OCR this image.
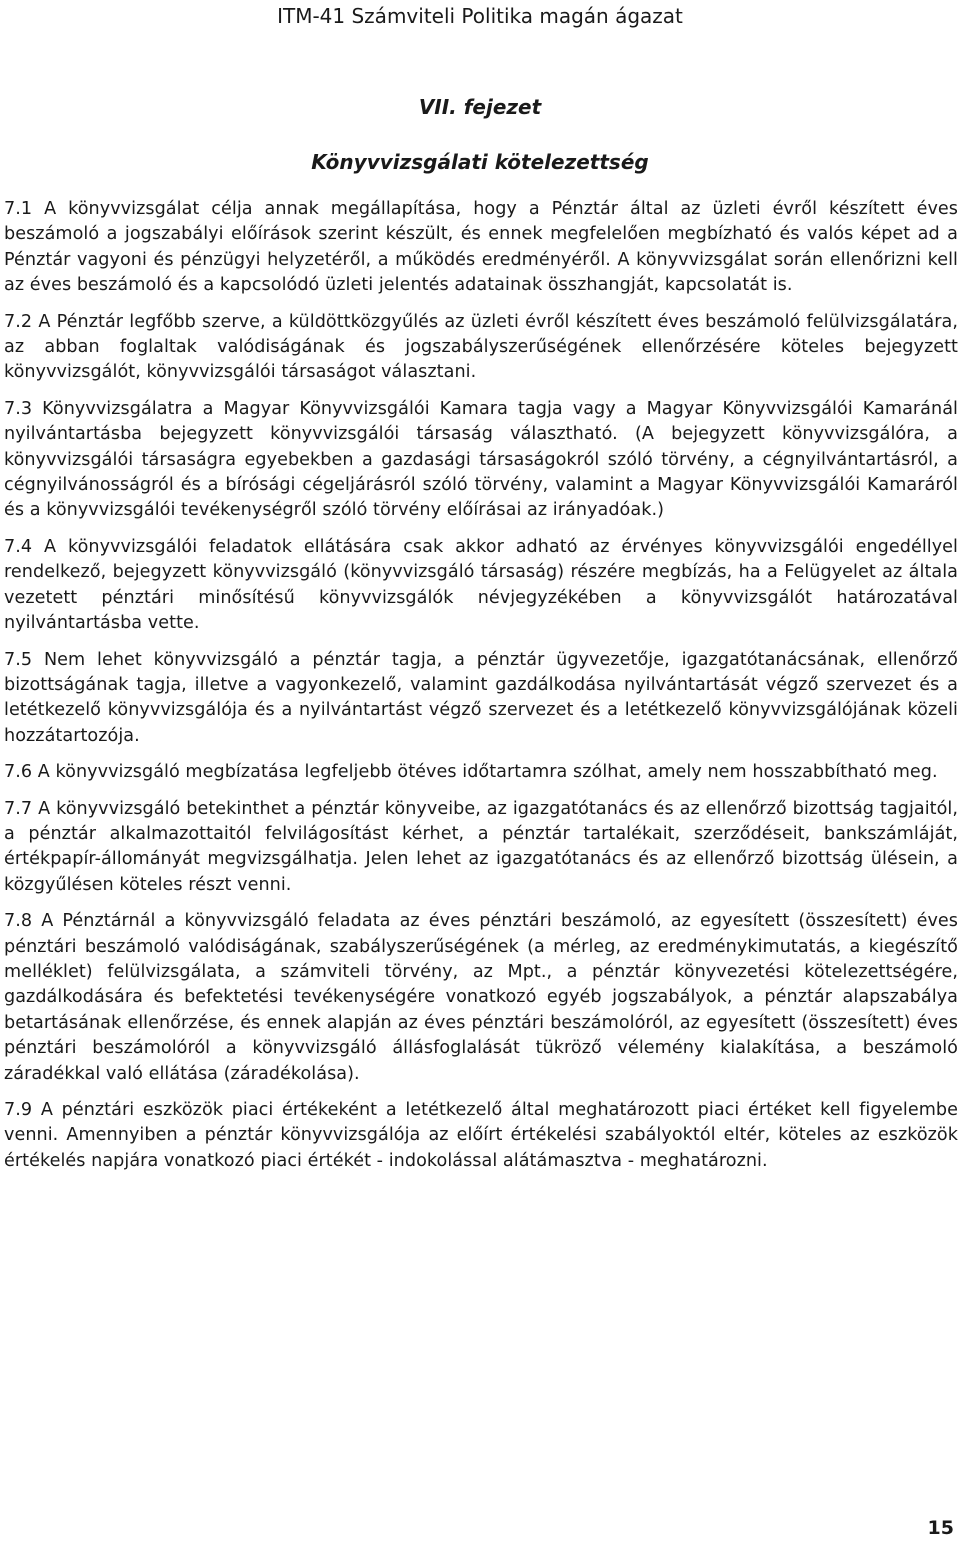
ITM-41 Számviteli Politika magán ágazat
VII. fejezet
Könyvvizsgálati kötelezettség

7.1 A könyvvizsgálat célja annak megállapítása, hogy a Pénztár által az üzleti évről készített éves beszámoló a jogszabályi előírások szerint készült, és ennek megfelelően megbízható és valós képet ad a Pénztár vagyoni és pénzügyi helyzetéről, a működés eredményéről. A könyvvizsgálat során ellenőrizni kell az éves beszámoló és a kapcsolódó üzleti jelentés adatainak összhangját, kapcsolatát is.

7.2 A Pénztár legfőbb szerve, a küldöttközgyűlés az üzleti évről készített éves beszámoló felülvizsgálatára, az abban foglaltak valódiságának és jogszabályszerűségének ellenőrzésére köteles bejegyzett könyvvizsgálót, könyvvizsgálói társaságot választani.

7.3 Könyvvizsgálatra a Magyar Könyvvizsgálói Kamara tagja vagy a Magyar Könyvvizsgálói Kamaránál nyilvántartásba bejegyzett könyvvizsgálói társaság választható. (A bejegyzett könyvvizsgálóra, a könyvvizsgálói társaságra egyebekben a gazdasági társaságokról szóló törvény, a cégnyilvántartásról, a cégnyilvánosságról és a bírósági cégeljárásról szóló törvény, valamint a Magyar Könyvvizsgálói Kamaráról és a könyvvizsgálói tevékenységről szóló törvény előírásai az irányadóak.)

7.4 A könyvvizsgálói feladatok ellátására csak akkor adható az érvényes könyvvizsgálói engedéllyel rendelkező, bejegyzett könyvvizsgáló (könyvvizsgáló társaság) részére megbízás, ha a Felügyelet az általa vezetett pénztári minősítésű könyvvizsgálók névjegyzékében a könyvvizsgálót határozatával nyilvántartásba vette.

7.5 Nem lehet könyvvizsgáló a pénztár tagja, a pénztár ügyvezetője, igazgatótanácsának, ellenőrző bizottságának tagja, illetve a vagyonkezelő, valamint gazdálkodása nyilvántartását végző szervezet és a letétkezelő könyvvizsgálója és a nyilvántartást végző szervezet és a letétkezelő könyvvizsgálójának közeli hozzátartozója.

7.6 A könyvvizsgáló megbízatása legfeljebb ötéves időtartamra szólhat, amely nem hosszabbítható meg.

7.7 A könyvvizsgáló betekinthet a pénztár könyveibe, az igazgatótanács és az ellenőrző bizottság tagjaitól, a pénztár alkalmazottaitól felvilágosítást kérhet, a pénztár tartalékait, szerződéseit, bankszámláját, értékpapír-állományát megvizsgálhatja. Jelen lehet az igazgatótanács és az ellenőrző bizottság ülésein, a közgyűlésen köteles részt venni.

7.8 A Pénztárnál a könyvvizsgáló feladata az éves pénztári beszámoló, az egyesített (összesített) éves pénztári beszámoló valódiságának, szabályszerűségének (a mérleg, az eredménykimutatás, a kiegészítő melléklet) felülvizsgálata, a számviteli törvény, az Mpt., a pénztár könyvezetési kötelezettségére, gazdálkodására és befektetési tevékenységére vonatkozó egyéb jogszabályok, a pénztár alapszabálya betartásának ellenőrzése, és ennek alapján az éves pénztári beszámolóról, az egyesített (összesített) éves pénztári beszámolóról a könyvvizsgáló állásfoglalását tükröző vélemény kialakítása, a beszámoló záradékkal való ellátása (záradékolása).

7.9 A pénztári eszközök piaci értékeként a letétkezelő által meghatározott piaci értéket kell figyelembe venni. Amennyiben a pénztár könyvvizsgálója az előírt értékelési szabályoktól eltér, köteles az eszközök értékelés napjára vonatkozó piaci értékét - indokolással alátámasztva - meghatározni.

15
